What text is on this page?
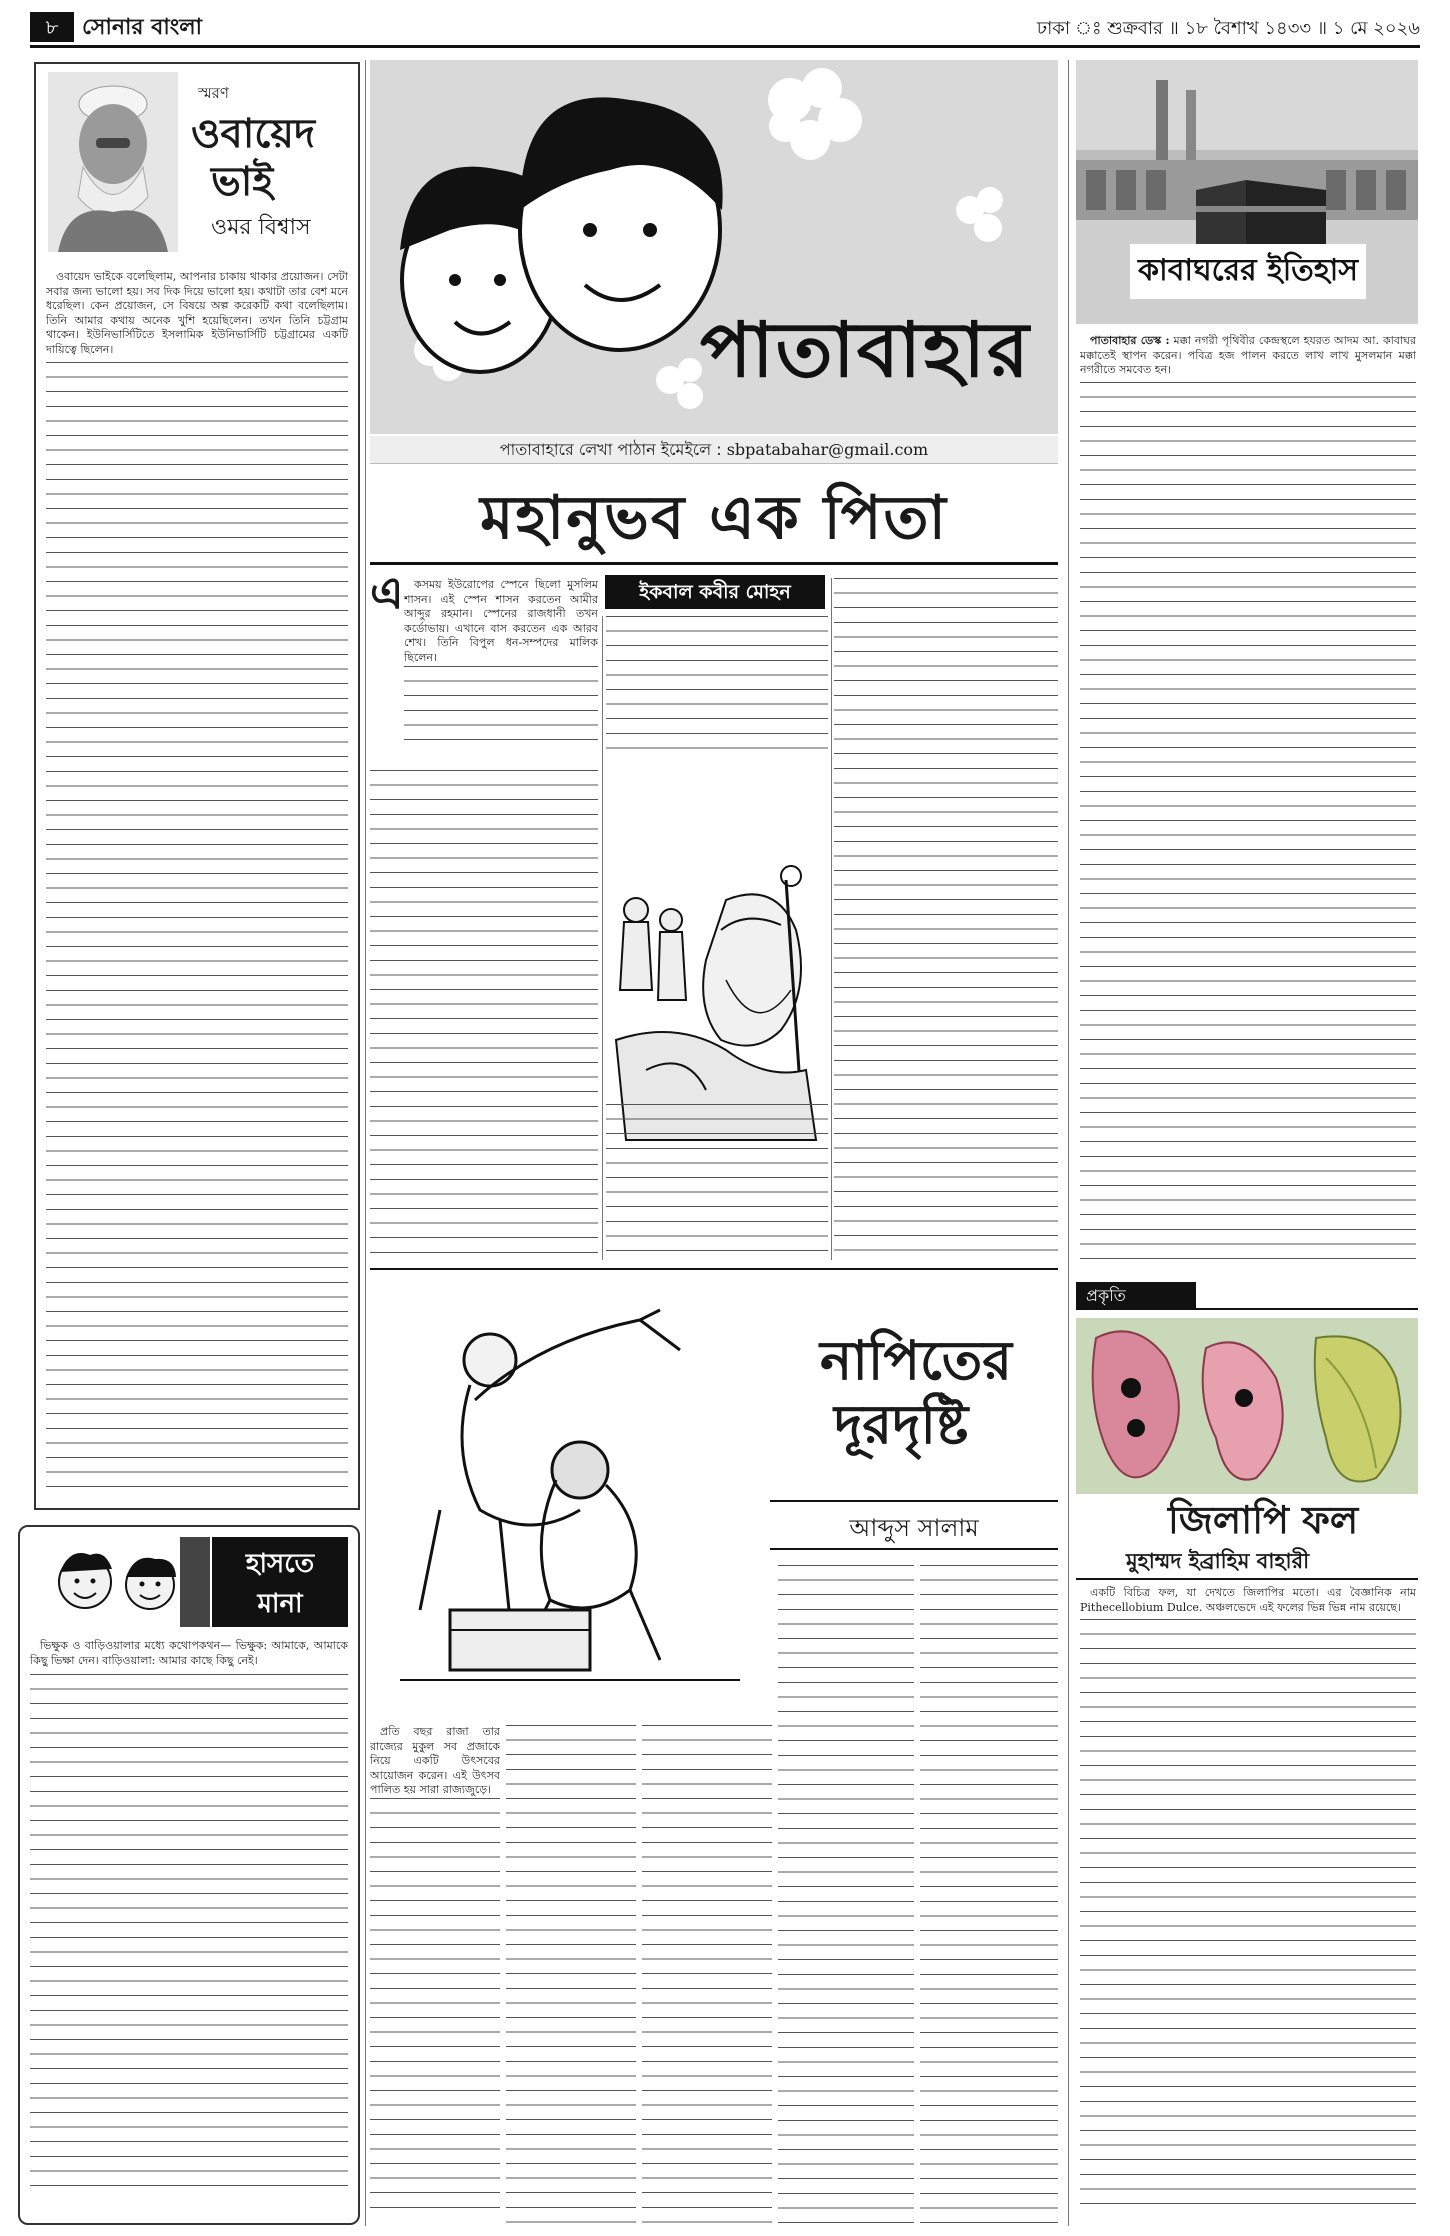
৮	সোনার বাংলা	ঢাকা ঃ শুক্রবার ॥ ১৮ বৈশাখ ১৪৩৩ ॥ ১ মে ২০২৬
স্মরণ
ওবায়েদ
ভাই
ওমর বিশ্বাস

ওবায়েদ ভাইকে বলেছিলাম, আপনার চাকায় থাকার প্রয়োজন। সেটা সবার জন্য ভালো হয়। সব দিক দিয়ে ভালো হয়। কথাটা তার বেশ মনে ধরেছিল। কেন প্রয়োজন, সে বিষয়ে অল্প করেকটি কথা বলেছিলাম। তিনি আমার কথায় অনেক খুশি হয়েছিলেন। তখন তিনি চট্টগ্রাম থাকেন। ইউনিভার্সিটিতে ইসলামিক ইউনিভার্সিটি চট্টগ্রামের একটি দায়িত্বে ছিলেন।

হাসতে
মানা

ভিক্ষুক ও বাড়িওয়ালার মধ্যে কথোপকথন— ভিক্ষুক: আমাকে, আমাকে কিছু ভিক্ষা দেন। বাড়িওয়ালা: আমার কাছে কিছু নেই।

পাতাবাহার
পাতাবাহারে লেখা পাঠান ইমেইলে : sbpatabahar@gmail.com
মহানুভব এক পিতা
এ	ইকবাল কবীর মোহন

কসময় ইউরোপের স্পেনে ছিলো মুসলিম শাসন। এই স্পেন শাসন করতেন আমীর আব্দুর রহমান। স্পেনের রাজধানী তখন কর্ডোভায়। এখানে বাস করতেন এক আরব শেখ। তিনি বিপুল ধন-সম্পদের মালিক ছিলেন।

নাপিতের
দূরদৃষ্টি
আব্দুস সালাম

প্রতি বছর রাজা তার রাজ্যের মুকুল সব প্রজাকে নিয়ে একটি উৎসবের আয়োজন করেন। এই উৎসব পালিত হয় সারা রাজ্যজুড়ে।

কাবাঘরের ইতিহাস

পাতাবাহার ডেস্ক : মক্কা নগরী পৃথিবীর কেন্দ্রস্থলে হযরত আদম আ. কাবাঘর মক্কাতেই স্থাপন করেন। পবিত্র হজ পালন করতে লাখ লাখ মুসলমান মক্কা নগরীতে সমবেত হন।

প্রকৃতি
জিলাপি ফল
মুহাম্মদ ইব্রাহিম বাহারী

একটি বিচিত্র ফল, যা দেখতে জিলাপির মতো। এর বৈজ্ঞানিক নাম Pithecellobium Dulce. অঞ্চলভেদে এই ফলের ভিন্ন ভিন্ন নাম রয়েছে।
